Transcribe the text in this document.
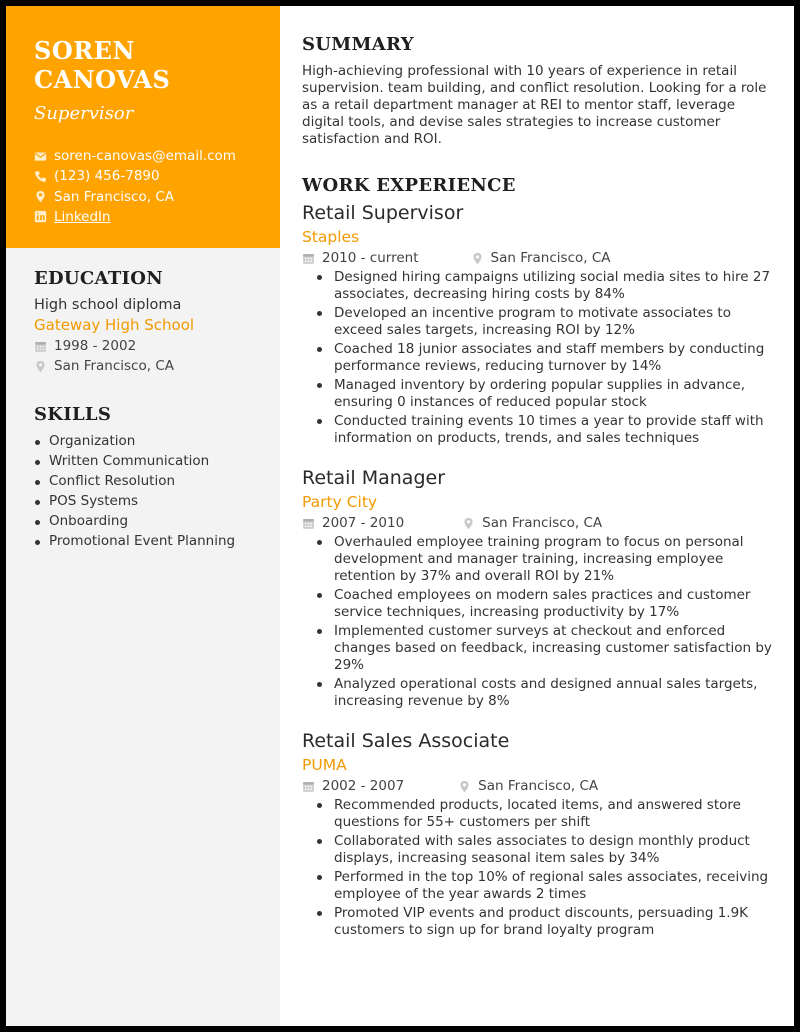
SOREN CANOVAS
Supervisor
soren-canovas@email.com
(123) 456-7890
San Francisco, CA
LinkedIn
EDUCATION
High school diploma
Gateway High School
1998 - 2002
San Francisco, CA
SKILLS
Organization
Written Communication
Conflict Resolution
POS Systems
Onboarding
Promotional Event Planning
SUMMARY

High-achieving professional with 10 years of experience in retail supervision. team building, and conflict resolution. Looking for a role as a retail department manager at REI to mentor staff, leverage digital tools, and devise sales strategies to increase customer satisfaction and ROI.

WORK EXPERIENCE
Retail Supervisor
Staples
2010 - current	San Francisco, CA
Designed hiring campaigns utilizing social media sites to hire 27 associates, decreasing hiring costs by 84%
Developed an incentive program to motivate associates to exceed sales targets, increasing ROI by 12%
Coached 18 junior associates and staff members by conducting performance reviews, reducing turnover by 14%
Managed inventory by ordering popular supplies in advance, ensuring 0 instances of reduced popular stock
Conducted training events 10 times a year to provide staff with information on products, trends, and sales techniques
Retail Manager
Party City
2007 - 2010	San Francisco, CA
Overhauled employee training program to focus on personal development and manager training, increasing employee retention by 37% and overall ROI by 21%
Coached employees on modern sales practices and customer service techniques, increasing productivity by 17%
Implemented customer surveys at checkout and enforced changes based on feedback, increasing customer satisfaction by 29%
Analyzed operational costs and designed annual sales targets, increasing revenue by 8%
Retail Sales Associate
PUMA
2002 - 2007	San Francisco, CA
Recommended products, located items, and answered store questions for 55+ customers per shift
Collaborated with sales associates to design monthly product displays, increasing seasonal item sales by 34%
Performed in the top 10% of regional sales associates, receiving employee of the year awards 2 times
Promoted VIP events and product discounts, persuading 1.9K customers to sign up for brand loyalty program
